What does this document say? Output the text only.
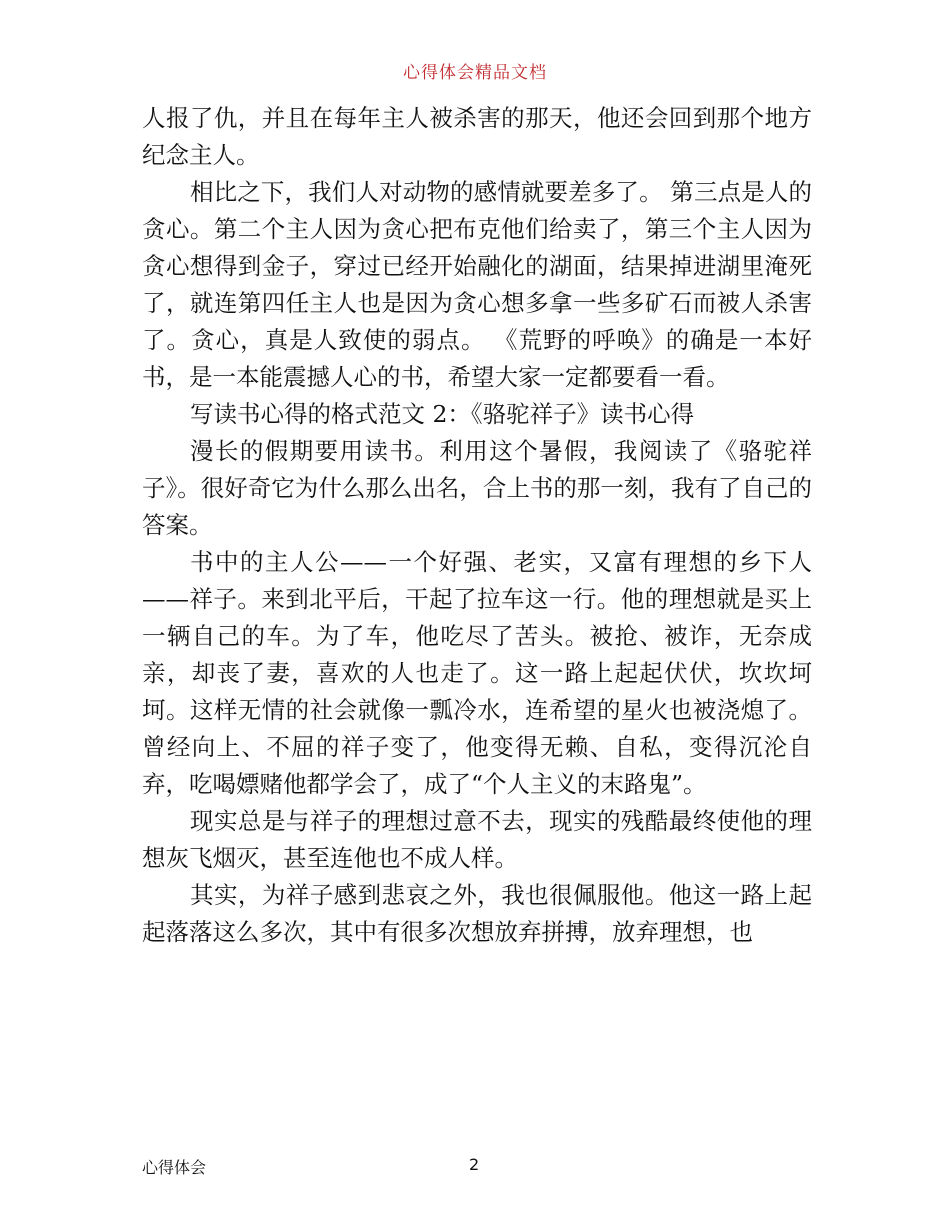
心得体会精品文档

人报了仇，并且在每年主人被杀害的那天，他还会回到那个地方纪念主人。

相比之下，我们人对动物的感情就要差多了。 第三点是人的贪心。第二个主人因为贪心把布克他们给卖了，第三个主人因为贪心想得到金子，穿过已经开始融化的湖面，结果掉进湖里淹死了，就连第四任主人也是因为贪心想多拿一些多矿石而被人杀害了。贪心，真是人致使的弱点。 《荒野的呼唤》的确是一本好书，是一本能震撼人心的书，希望大家一定都要看一看。

写读书心得的格式范文 2：《骆驼祥子》读书心得

漫长的假期要用读书。利用这个暑假，我阅读了《骆驼祥子》。很好奇它为什么那么出名，合上书的那一刻，我有了自己的答案。

书中的主人公——一个好强、老实，又富有理想的乡下人——祥子。来到北平后，干起了拉车这一行。他的理想就是买上一辆自己的车。为了车，他吃尽了苦头。被抢、被诈，无奈成亲，却丧了妻，喜欢的人也走了。这一路上起起伏伏，坎坎坷坷。这样无情的社会就像一瓢冷水，连希望的星火也被浇熄了。曾经向上、不屈的祥子变了，他变得无赖、自私，变得沉沦自弃，吃喝嫖赌他都学会了，成了“个人主义的末路鬼”。

现实总是与祥子的理想过意不去，现实的残酷最终使他的理想灰飞烟灭，甚至连他也不成人样。

其实，为祥子感到悲哀之外，我也很佩服他。他这一路上起起落落这么多次，其中有很多次想放弃拼搏，放弃理想，也

心得体会	2
